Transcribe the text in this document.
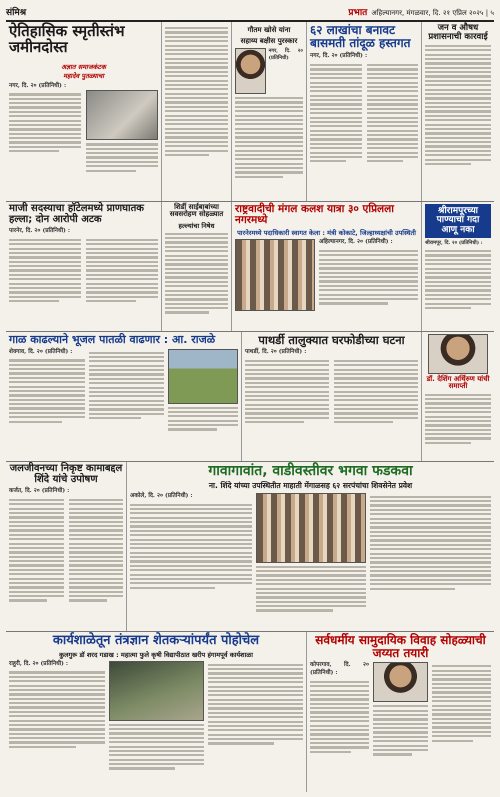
संमिश्र	प्रभात अहिल्यानगर, मंगळवार, दि. २१ एप्रिल २०२५ | ५
ऐतिहासिक स्मृतीस्तंभ जमीनदोस्त
अज्ञात समाजकंटक
महादेव पुतळ्याचा
नगर, दि. २० (प्रतिनिधी) :
गौतम खोसे यांना
सहाय्य बक्षीस पुरस्कार
नगर, दि. २० (प्रतिनिधी)
६२ लाखांचा बनावट बासमती तांदूळ हस्तगत
नगर, दि. २० (प्रतिनिधी) :
जन व औषध प्रशासनाची कारवाई
माजी सदस्याचा हॉटेलमध्ये प्राणघातक हल्ला; दोन आरोपी अटक
पारनेर, दि. २० (प्रतिनिधी) :
शिर्डी साईबाबांच्या सवसरोहण सोहळ्यात
हल्ल्यांचा निषेध
राष्ट्रवादीची मंगल कलश यात्रा ३० एप्रिलला नगरमध्ये
पारनेरमध्ये पदाधिकारी स्वागत केला : मंत्री कोकाटे, जिल्हाध्यक्षांची उपस्थिती
अहिल्यानगर, दि. २० (प्रतिनिधी) :
श्रीरामपूरच्या पाण्याचा गदा आणू नका
श्रीरामपूर, दि. २० (प्रतिनिधी) :
गाळ काढल्याने भूजल पातळी वाढणार : आ. राजळे
शेवगाव, दि. २० (प्रतिनिधी) :
पाथर्डी तालुक्यात घरफोडीच्या घटना
पाथर्डी, दि. २० (प्रतिनिधी) :
डॉ. देशिंग अर्थिरुण यांची समाप्ती
जलजीवनच्या निकृष्ट कामाबद्दल शिंदे यांचे उपोषण
कर्जत, दि. २० (प्रतिनिधी) :
गावागावांत, वाडीवस्तीवर भगवा फडकवा
ना. शिंदे यांच्या उपस्थितीत माहाती मेंगाळसह ६२ सरपंचांचा शिवसेनेत प्रवेश
अकोले, दि. २० (प्रतिनिधी) :
कार्यशाळेतून तंत्रज्ञान शेतकऱ्यांपर्यंत पोहोचेल
कुलगुरू डॉ शरद गडाख : महात्मा फुले कृषी विद्यापीठात खरीप हंगामपूर्व कार्यशाळा
राहुरी, दि. २० (प्रतिनिधी) :
सर्वधर्मीय सामुदायिक विवाह सोहळ्याची जय्यत तयारी
कोपरगाव, दि. २० (प्रतिनिधी) :
